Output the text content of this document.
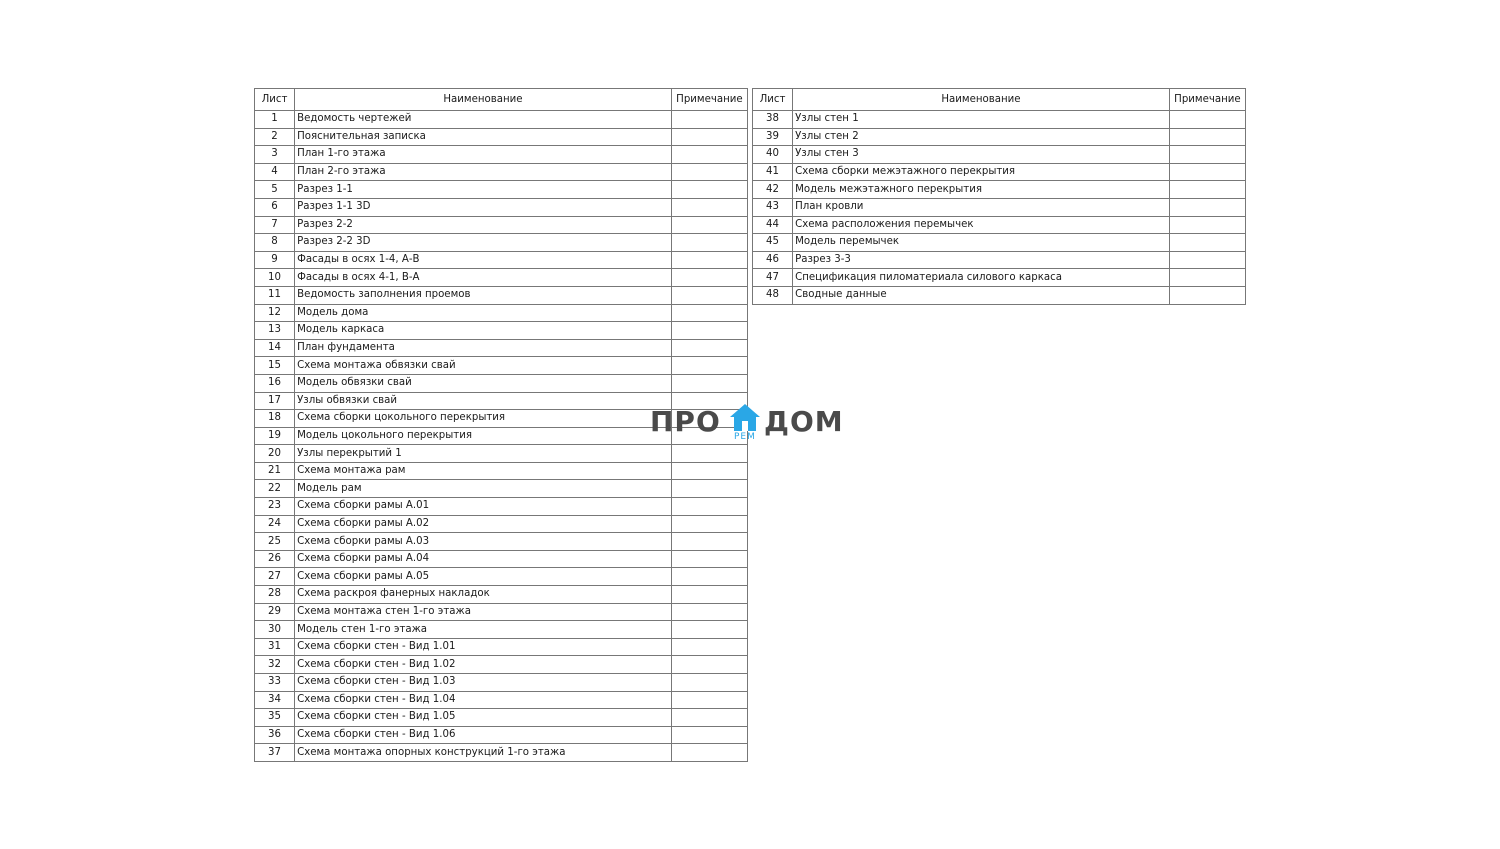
Лист	Наименование	Примечание
1	Ведомость чертежей	
2	Пояснительная записка	
3	План 1-го этажа	
4	План 2-го этажа	
5	Разрез 1-1	
6	Разрез 1-1 3D	
7	Разрез 2-2	
8	Разрез 2-2 3D	
9	Фасады в осях 1-4, А-В	
10	Фасады в осях 4-1, В-А	
11	Ведомость заполнения проемов	
12	Модель дома	
13	Модель каркаса	
14	План фундамента	
15	Схема монтажа обвязки свай	
16	Модель обвязки свай	
17	Узлы обвязки свай	
18	Схема сборки цокольного перекрытия	
19	Модель цокольного перекрытия	
20	Узлы перекрытий 1	
21	Схема монтажа рам	
22	Модель рам	
23	Схема сборки рамы А.01	
24	Схема сборки рамы А.02	
25	Схема сборки рамы А.03	
26	Схема сборки рамы А.04	
27	Схема сборки рамы А.05	
28	Схема раскроя фанерных накладок	
29	Схема монтажа стен 1-го этажа	
30	Модель стен 1-го этажа	
31	Схема сборки стен - Вид 1.01	
32	Схема сборки стен - Вид 1.02	
33	Схема сборки стен - Вид 1.03	
34	Схема сборки стен - Вид 1.04	
35	Схема сборки стен - Вид 1.05	
36	Схема сборки стен - Вид 1.06	
37	Схема монтажа опорных конструкций 1-го этажа	
Лист	Наименование	Примечание
38	Узлы стен 1	
39	Узлы стен 2	
40	Узлы стен 3	
41	Схема сборки межэтажного перекрытия	
42	Модель межэтажного перекрытия	
43	План кровли	
44	Схема расположения перемычек	
45	Модель перемычек	
46	Разрез 3-3	
47	Спецификация пиломатериала силового каркаса	
48	Сводные данные	
ПРО РЕМ ДОМ
